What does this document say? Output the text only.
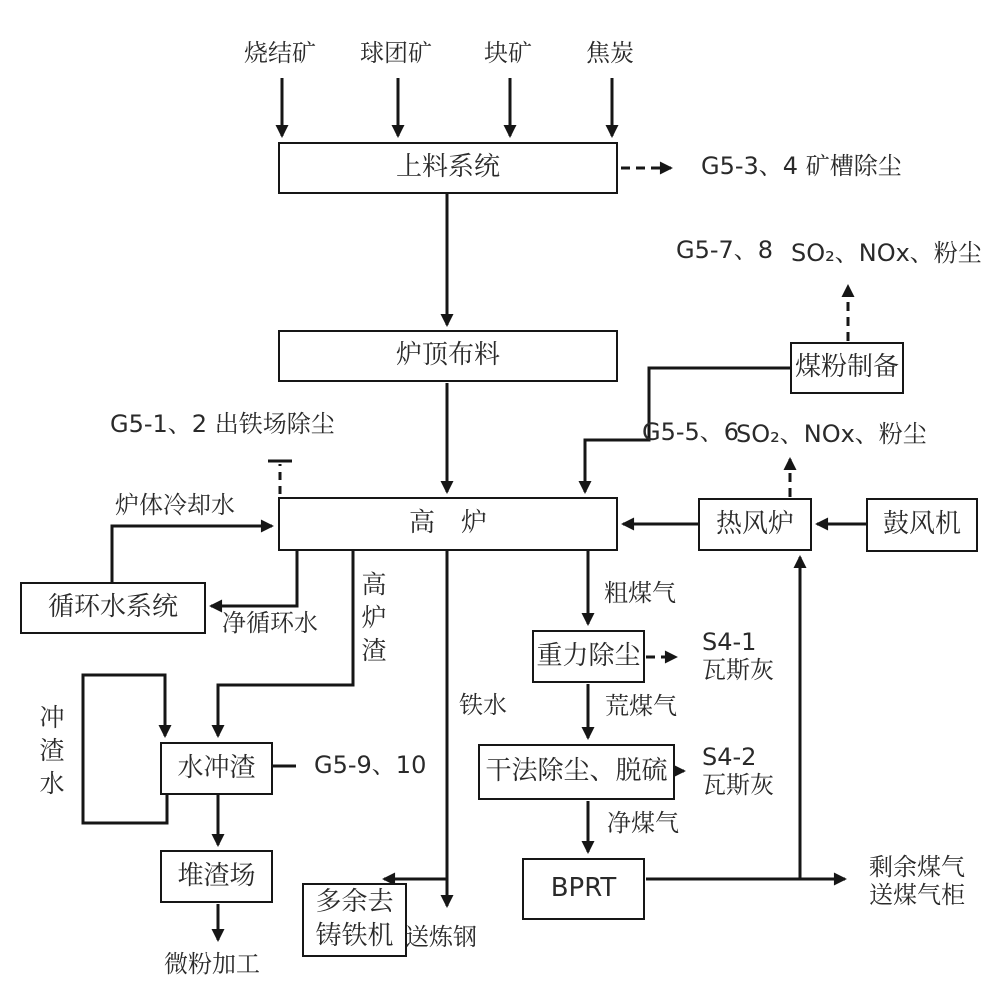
上料系统
炉顶布料
高　炉
煤粉制备
热风炉	鼓风机
循环水系统
水冲渣
堆渣场
多余去
铸铁机
重力除尘
干法除尘、脱硫
BPRT
烧结矿 球团矿 块矿 焦炭
G5-3、4 矿槽除尘
G5-7、8 SO₂、NOx、粉尘
G5-5、6
SO₂、NOx、粉尘
G5-1、2 出铁场除尘
炉体冷却水
净循环水
高炉渣
冲渣水
G5-9、10
铁水
粗煤气
荒煤气
S4-1
瓦斯灰
S4-2
瓦斯灰
净煤气
剩余煤气
送煤气柜
微粉加工
送炼钢
